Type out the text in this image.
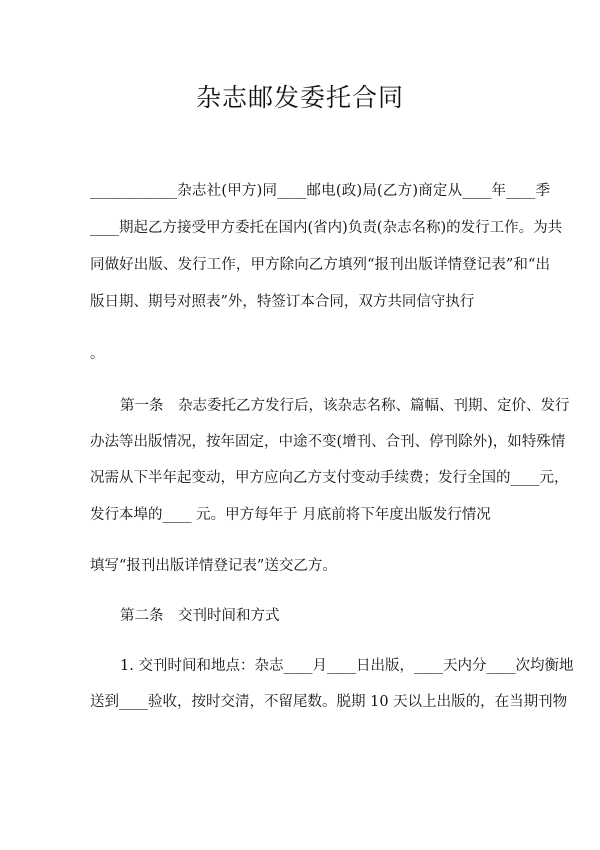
杂志邮发委托合同

____________杂志社(甲方)同____邮电(政)局(乙方)商定从____年____季

____期起乙方接受甲方委托在国内(省内)负责(杂志名称)的发行工作。为共

同做好出版、发行工作，甲方除向乙方填列“报刊出版详情登记表”和“出

版日期、期号对照表”外，特签订本合同，双方共同信守执行

。

第一条　杂志委托乙方发行后，该杂志名称、篇幅、刊期、定价、发行

办法等出版情况，按年固定，中途不变(增刊、合刊、停刊除外)，如特殊情

况需从下半年起变动，甲方应向乙方支付变动手续费；发行全国的____元，

发行本埠的____ 元。甲方每年于 月底前将下年度出版发行情况

填写“报刊出版详情登记表”送交乙方。

第二条　交刊时间和方式

1. 交刊时间和地点：杂志____月____日出版，____天内分____次均衡地

送到____验收，按时交清，不留尾数。脱期 10 天以上出版的，在当期刊物
